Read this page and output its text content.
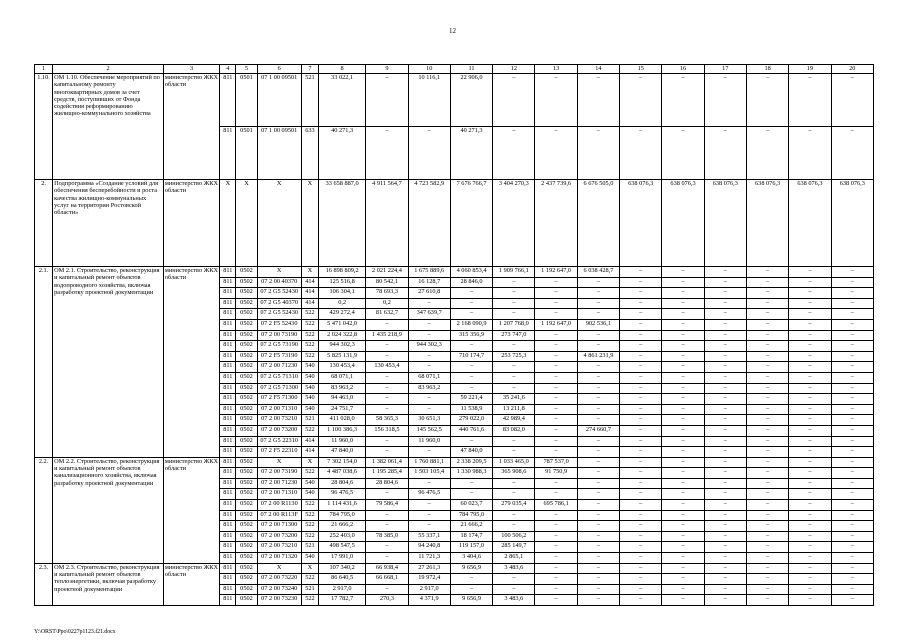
12
1	2	3	4	5	6	7	8	9	10	11	12	13	14	15	16	17	18	19	20
1.10.	ОМ 1.10. Обеспечение мероприятий по капитальному ремонту многоквартирных домов за счет средств, поступивших от Фонда содействия реформированию жилищно-коммунального хозяйства	министерство ЖКХ области	811	0501	07 1 00 09501	521	33 022,1	–	10 116,1	22 906,0	–	–	–	–	–	–	–	–	–
			811	0501	07 1 00 09501	633	40 271,3	–	–	40 271,3	–	–	–	–	–	–	–	–	–
2.	Подпрограмма «Создание условий для обеспечения бесперебойности и роста качества жилищно-коммунальных услуг на территории Ростовской области»	министерство ЖКХ области	X	X	X	X	33 658 887,0	4 911 564,7	4 723 582,9	7 676 766,7	3 404 270,3	2 437 739,6	6 676 505,0	638 076,3	638 076,3	638 076,3	638 076,3	638 076,3	638 076,3
2.1.	ОМ 2.1. Строительство, реконструкция и капитальный ремонт объектов водопроводного хозяйства, включая разработку проектной документации	министерство ЖКХ области	811	0502	X	X	16 898 809,2	2 021 224,4	1 675 889,6	4 060 853,4	1 909 766,1	1 192 647,0	6 038 428,7	–	–	–	–	–	–
			811	0502	07 2 00 40370	414	125 516,8	80 542,1	16 128,7	28 846,0	–	–	–	–	–	–	–	–	–
			811	0502	07 2 G5 52430	414	106 304,1	78 693,3	27 610,8	–	–	–	–	–	–	–	–	–	–
			811	0502	07 2 G5 40370	414	0,2	0,2	–	–	–	–	–	–	–	–	–	–	–
			811	0502	07 2 G5 52430	522	429 272,4	81 632,7	347 639,7	–	–	–	–	–	–	–	–	–	–
			811	0502	07 2 F5 52430	522	5 471 042,0	–	–	2 168 090,9	1 207 768,0	1 192 647,0	902 536,1	–	–	–	–	–	–
			811	0502	07 2 00 73190	522	2 024 322,8	1 435 218,9	–	315 356,9	273 747,0	–	–	–	–	–	–	–	–
			811	0502	07 2 G5 73190	522	944 302,3	–	944 302,3	–	–	–	–	–	–	–	–	–	–
			811	0502	07 2 F5 73190	522	5 825 131,9	–	–	710 174,7	253 725,3	–	4 861 231,9	–	–	–	–	–	–
			811	0502	07 2 00 71230	540	130 453,4	130 453,4	–	–	–	–	–	–	–	–	–	–	–
			811	0502	07 2 G5 71310	540	68 071,1	–	68 071,1	–	–	–	–	–	–	–	–	–	–
			811	0502	07 2 G5 71300	540	83 963,2	–	83 963,2	–	–	–	–	–	–	–	–	–	–
			811	0502	07 2 F5 71300	540	94 463,0	–	–	59 221,4	35 241,6	–	–	–	–	–	–	–	–
			811	0502	07 2 00 71310	540	24 751,7	–	–	11 538,9	13 211,8	–	–	–	–	–	–	–	–
			811	0502	07 2 00 73210	521	411 028,0	58 365,3	30 651,3	279 022,0	42 989,4	–	–	–	–	–	–	–	–
			811	0502	07 2 00 73200	522	1 100 386,3	156 318,5	145 562,5	440 761,6	83 082,0	–	274 660,7	–	–	–	–	–	–
			811	0502	07 2 G5 22310	414	11 960,0	–	11 960,0	–	–	–	–	–	–	–	–	–	–
			811	0502	07 2 F5 22310	414	47 840,0	–	–	47 840,0	–	–	–	–	–	–	–	–	–
2.2.	ОМ 2.2. Строительство, реконструкция и капитальный ремонт объектов канализационного хозяйства, включая разработку проектной документации	министерство ЖКХ области	811	0502	X	X	7 302 154,0	1 382 061,4	1 760 881,1	2 338 209,5	1 033 465,0	787 537,0	–	–	–	–	–	–	–
			811	0502	07 2 00 73190	522	4 487 038,6	1 195 285,4	1 503 105,4	1 330 988,3	365 908,6	91 750,9	–	–	–	–	–	–	–
			811	0502	07 2 00 71230	540	28 804,6	28 804,6	–	–	–	–	–	–	–	–	–	–	–
			811	0502	07 2 00 71310	540	96 476,5	–	96 476,5	–	–	–	–	–	–	–	–	–	–
			811	0502	07 2 00 R1130	522	1 114 431,6	79 586,4	–	60 023,7	279 035,4	695 786,1	–	–	–	–	–	–	–
			811	0502	07 2 00 R113F	522	784 795,0	–	–	784 795,0	–	–	–	–	–	–	–	–	–
			811	0502	07 2 00 71300	522	21 666,2	–	–	21 666,2	–	–	–	–	–	–	–	–	–
			811	0502	07 2 00 73200	522	252 403,0	78 385,0	55 337,1	18 174,7	100 506,2	–	–	–	–	–	–	–	–
			811	0502	07 2 00 73210	521	498 547,5	–	94 240,8	119 157,0	285 149,7	–	–	–	–	–	–	–	–
			811	0502	07 2 00 71320	540	17 991,0	–	11 721,3	3 404,6	2 865,1	–	–	–	–	–	–	–	–
2.3.	ОМ 2.3. Строительство, реконструкция и капитальный ремонт объектов теплоэнергетики, включая разработку проектной документации	министерство ЖКХ области	811	0502	X	X	107 340,2	66 938,4	27 261,3	9 656,9	3 483,6	–	–	–	–	–	–	–	–
			811	0502	07 2 00 73220	522	86 640,5	66 668,1	19 972,4	–	–	–	–	–	–	–	–	–	–
			811	0502	07 2 00 73240	521	2 917,0	–	2 917,0	–	–	–	–	–	–	–	–	–	–
			811	0502	07 2 00 73230	522	17 782,7	270,3	4 371,9	9 656,9	3 483,6	–	–	–	–	–	–	–	–
Y:\ORST\Ppo\0227p1123.f21.docx
